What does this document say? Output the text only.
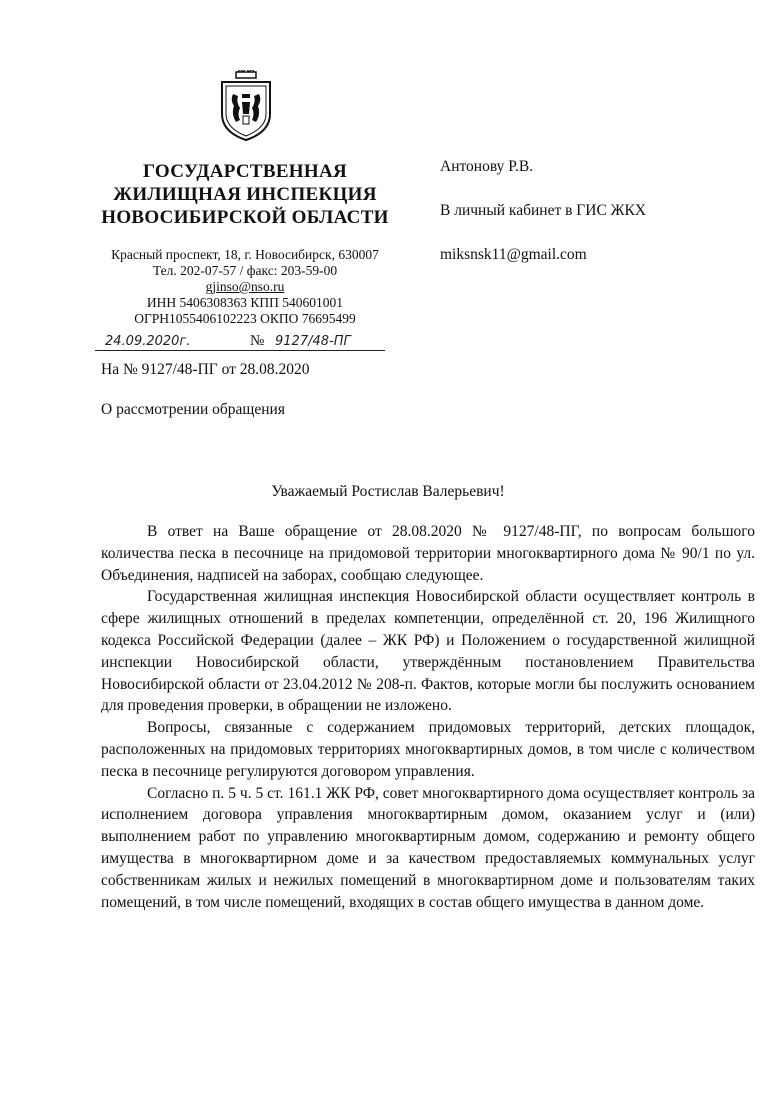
ГОСУДАРСТВЕННАЯ
ЖИЛИЩНАЯ ИНСПЕКЦИЯ
НОВОСИБИРСКОЙ ОБЛАСТИ
Красный проспект, 18, г. Новосибирск, 630007
Тел. 202-07-57 / факс: 203-59-00
gjinso@nso.ru
ИНН 5406308363 КПП 540601001
ОГРН1055406102223 ОКПО 76695499
24.09.2020г.	№ 9127/48-ПГ
На № 9127/48-ПГ от 28.08.2020
О рассмотрении обращения
Антонову Р.В.
В личный кабинет в ГИС ЖКХ
miksnsk11@gmail.com
Уважаемый Ростислав Валерьевич!

В ответ на Ваше обращение от 28.08.2020 № 9127/48-ПГ, по вопросам большого количества песка в песочнице на придомовой территории многоквартирного дома № 90/1 по ул. Объединения, надписей на заборах, сообщаю следующее.

Государственная жилищная инспекция Новосибирской области осуществляет контроль в сфере жилищных отношений в пределах компетенции, определённой ст. 20, 196 Жилищного кодекса Российской Федерации (далее – ЖК РФ) и Положением о государственной жилищной инспекции Новосибирской области, утверждённым постановлением Правительства Новосибирской области от 23.04.2012 № 208-п. Фактов, которые могли бы послужить основанием для проведения проверки, в обращении не изложено.

Вопросы, связанные с содержанием придомовых территорий, детских площадок, расположенных на придомовых территориях многоквартирных домов, в том числе с количеством песка в песочнице регулируются договором управления.

Согласно п. 5 ч. 5 ст. 161.1 ЖК РФ, совет многоквартирного дома осуществляет контроль за исполнением договора управления многоквартирным домом, оказанием услуг и (или) выполнением работ по управлению многоквартирным домом, содержанию и ремонту общего имущества в многоквартирном доме и за качеством предоставляемых коммунальных услуг собственникам жилых и нежилых помещений в многоквартирном доме и пользователям таких помещений, в том числе помещений, входящих в состав общего имущества в данном доме.
